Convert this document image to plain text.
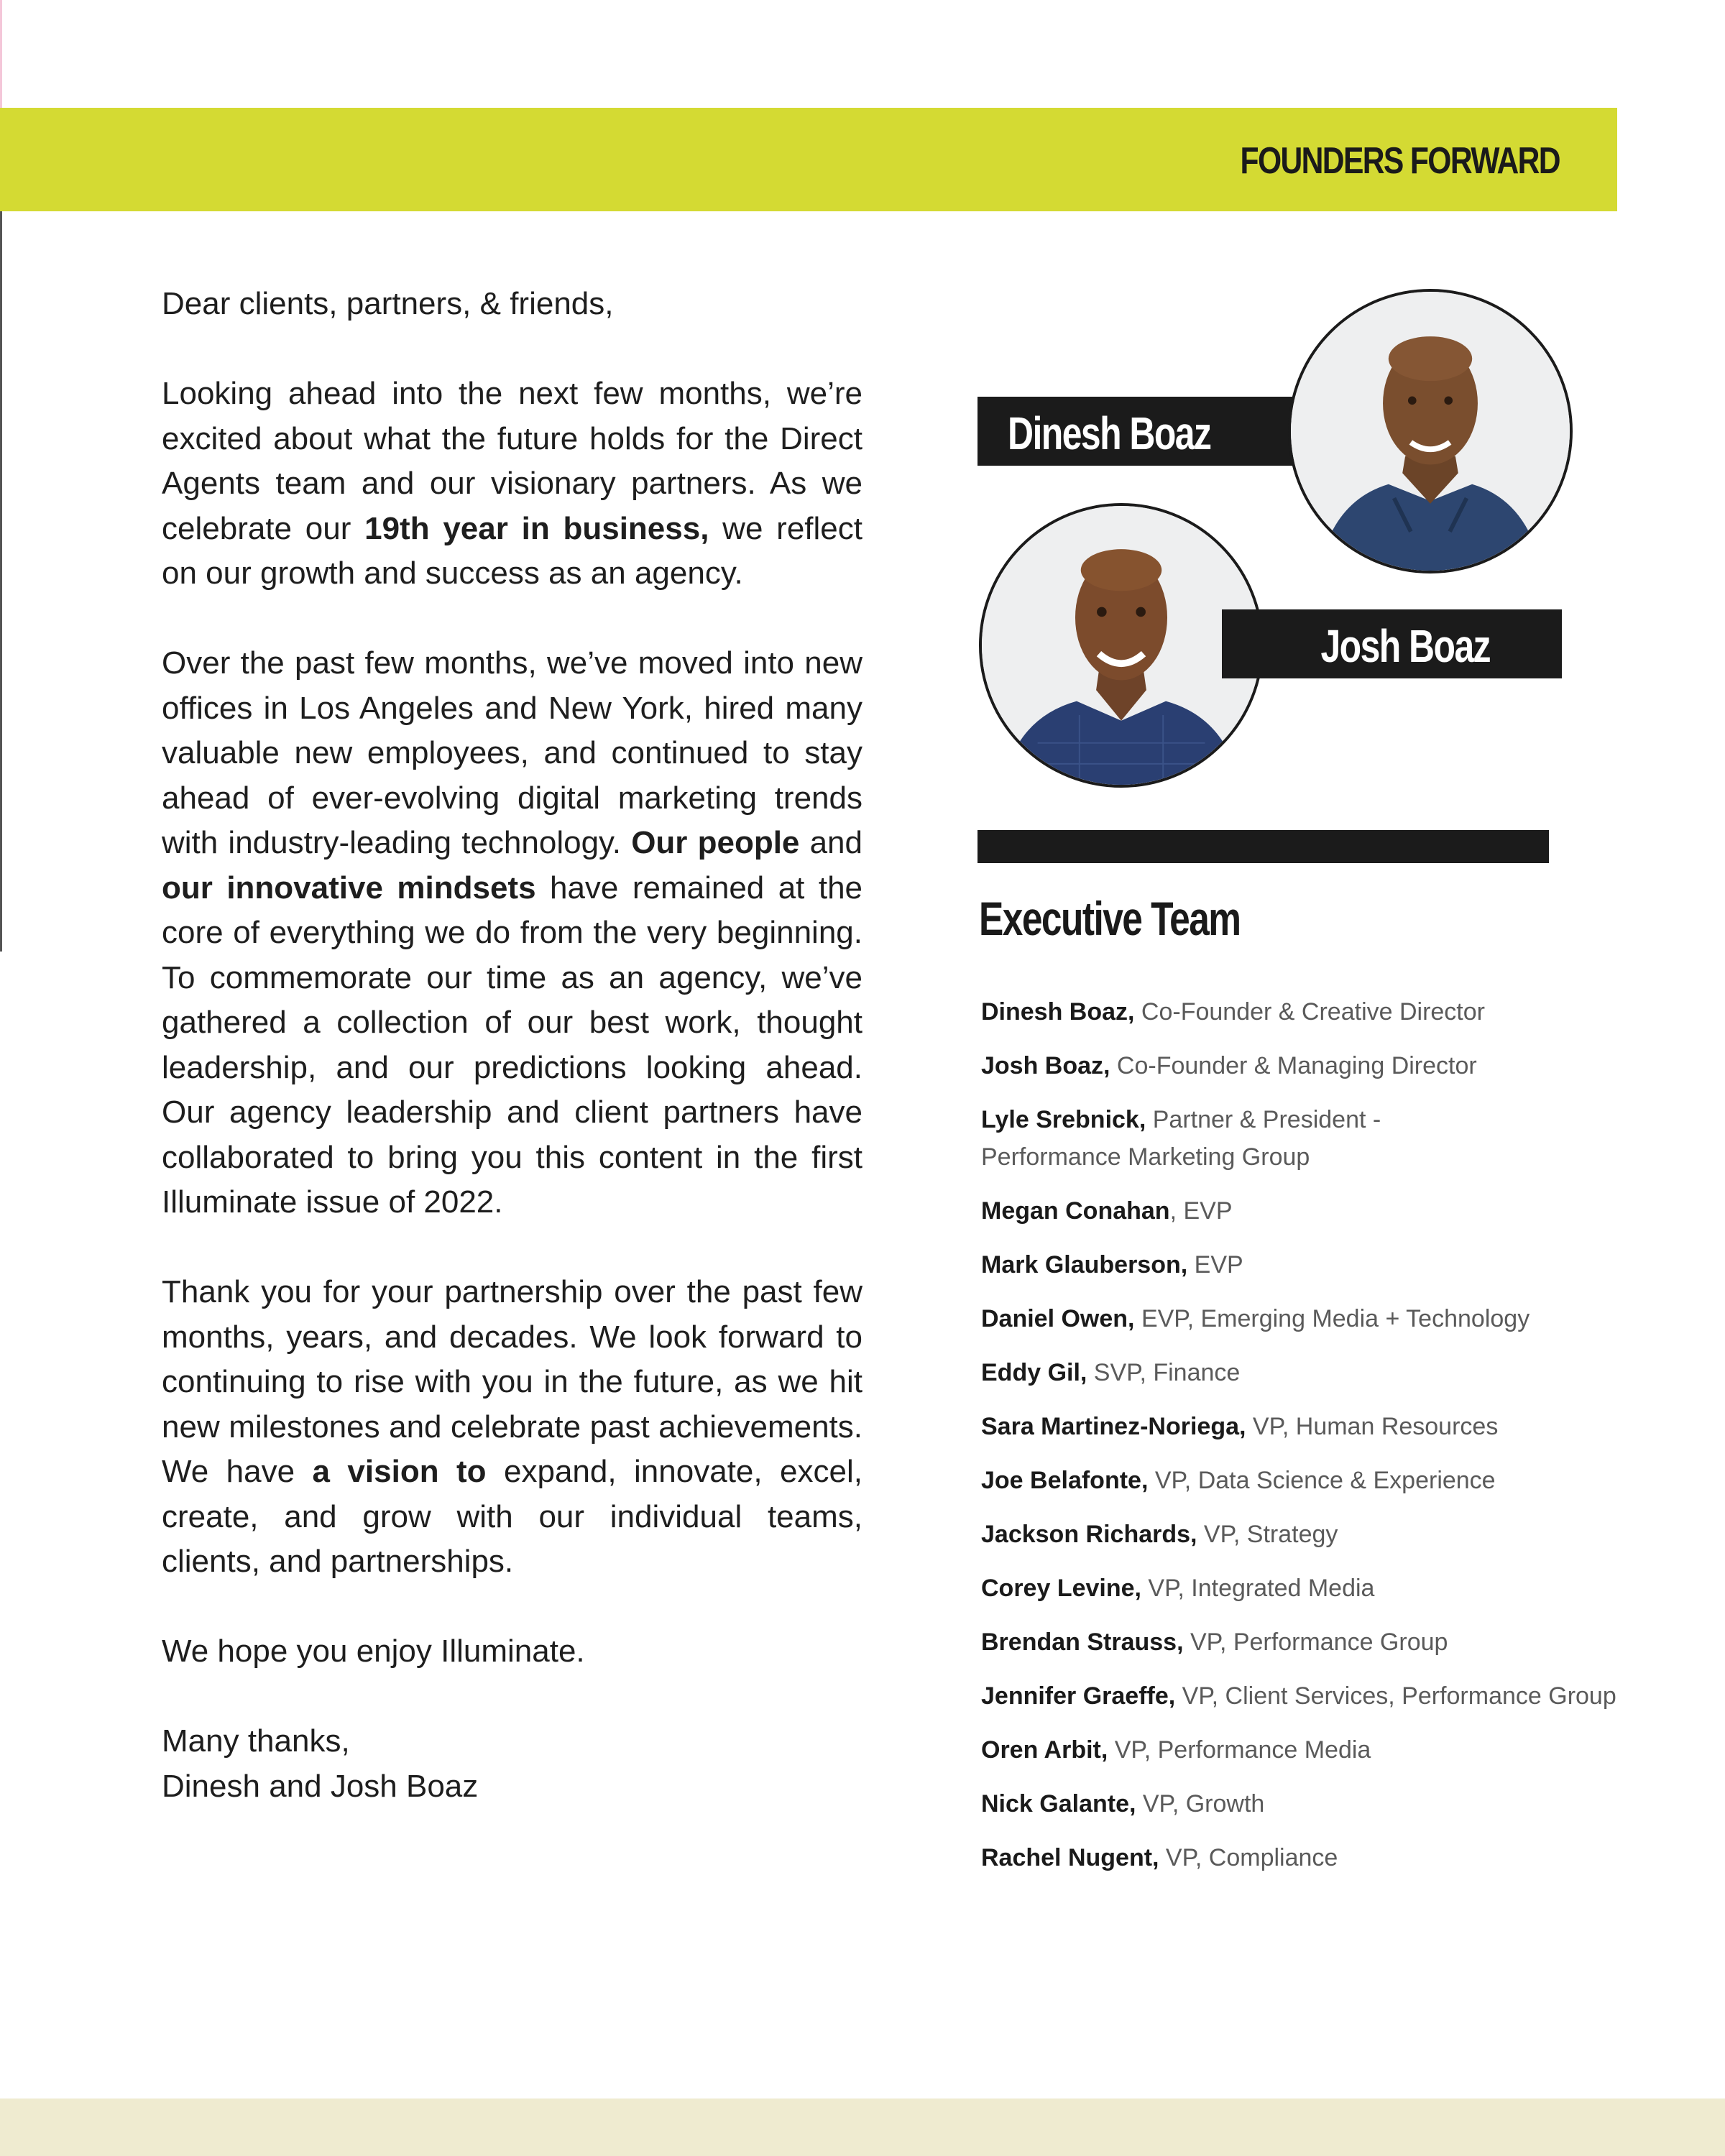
FOUNDERS FORWARD

Dear clients, partners, & friends,

Looking ahead into the next few months, we’re excited about what the future holds for the Direct Agents team and our visionary partners. As we celebrate our 19th year in business, we reflect on our growth and success as an agency.

Over the past few months, we’ve moved into new offices in Los Angeles and New York, hired many valuable new employees, and continued to stay ahead of ever-evolving digital marketing trends with industry-leading technology. Our people and our innovative mindsets have remained at the core of everything we do from the very beginning. To commemorate our time as an agency, we’ve gathered a collection of our best work, thought leadership, and our predictions looking ahead. Our agency leadership and client partners have collaborated to bring you this content in the first Illuminate issue of 2022.

Thank you for your partnership over the past few months, years, and decades. We look forward to continuing to rise with you in the future, as we hit new milestones and celebrate past achievements. We have a vision to expand, innovate, excel, create, and grow with our individual teams, clients, and partnerships.

We hope you enjoy Illuminate.

Many thanks,
Dinesh and Josh Boaz

Dinesh Boaz
Josh Boaz
Executive Team
Dinesh Boaz, Co-Founder & Creative Director
Josh Boaz, Co-Founder & Managing Director
Lyle Srebnick, Partner & President - Performance Marketing Group
Megan Conahan, EVP
Mark Glauberson, EVP
Daniel Owen, EVP, Emerging Media + Technology
Eddy Gil, SVP, Finance
Sara Martinez-Noriega, VP, Human Resources
Joe Belafonte, VP, Data Science & Experience
Jackson Richards, VP, Strategy
Corey Levine, VP, Integrated Media
Brendan Strauss, VP, Performance Group
Jennifer Graeffe, VP, Client Services, Performance Group
Oren Arbit, VP, Performance Media
Nick Galante, VP, Growth
Rachel Nugent, VP, Compliance
